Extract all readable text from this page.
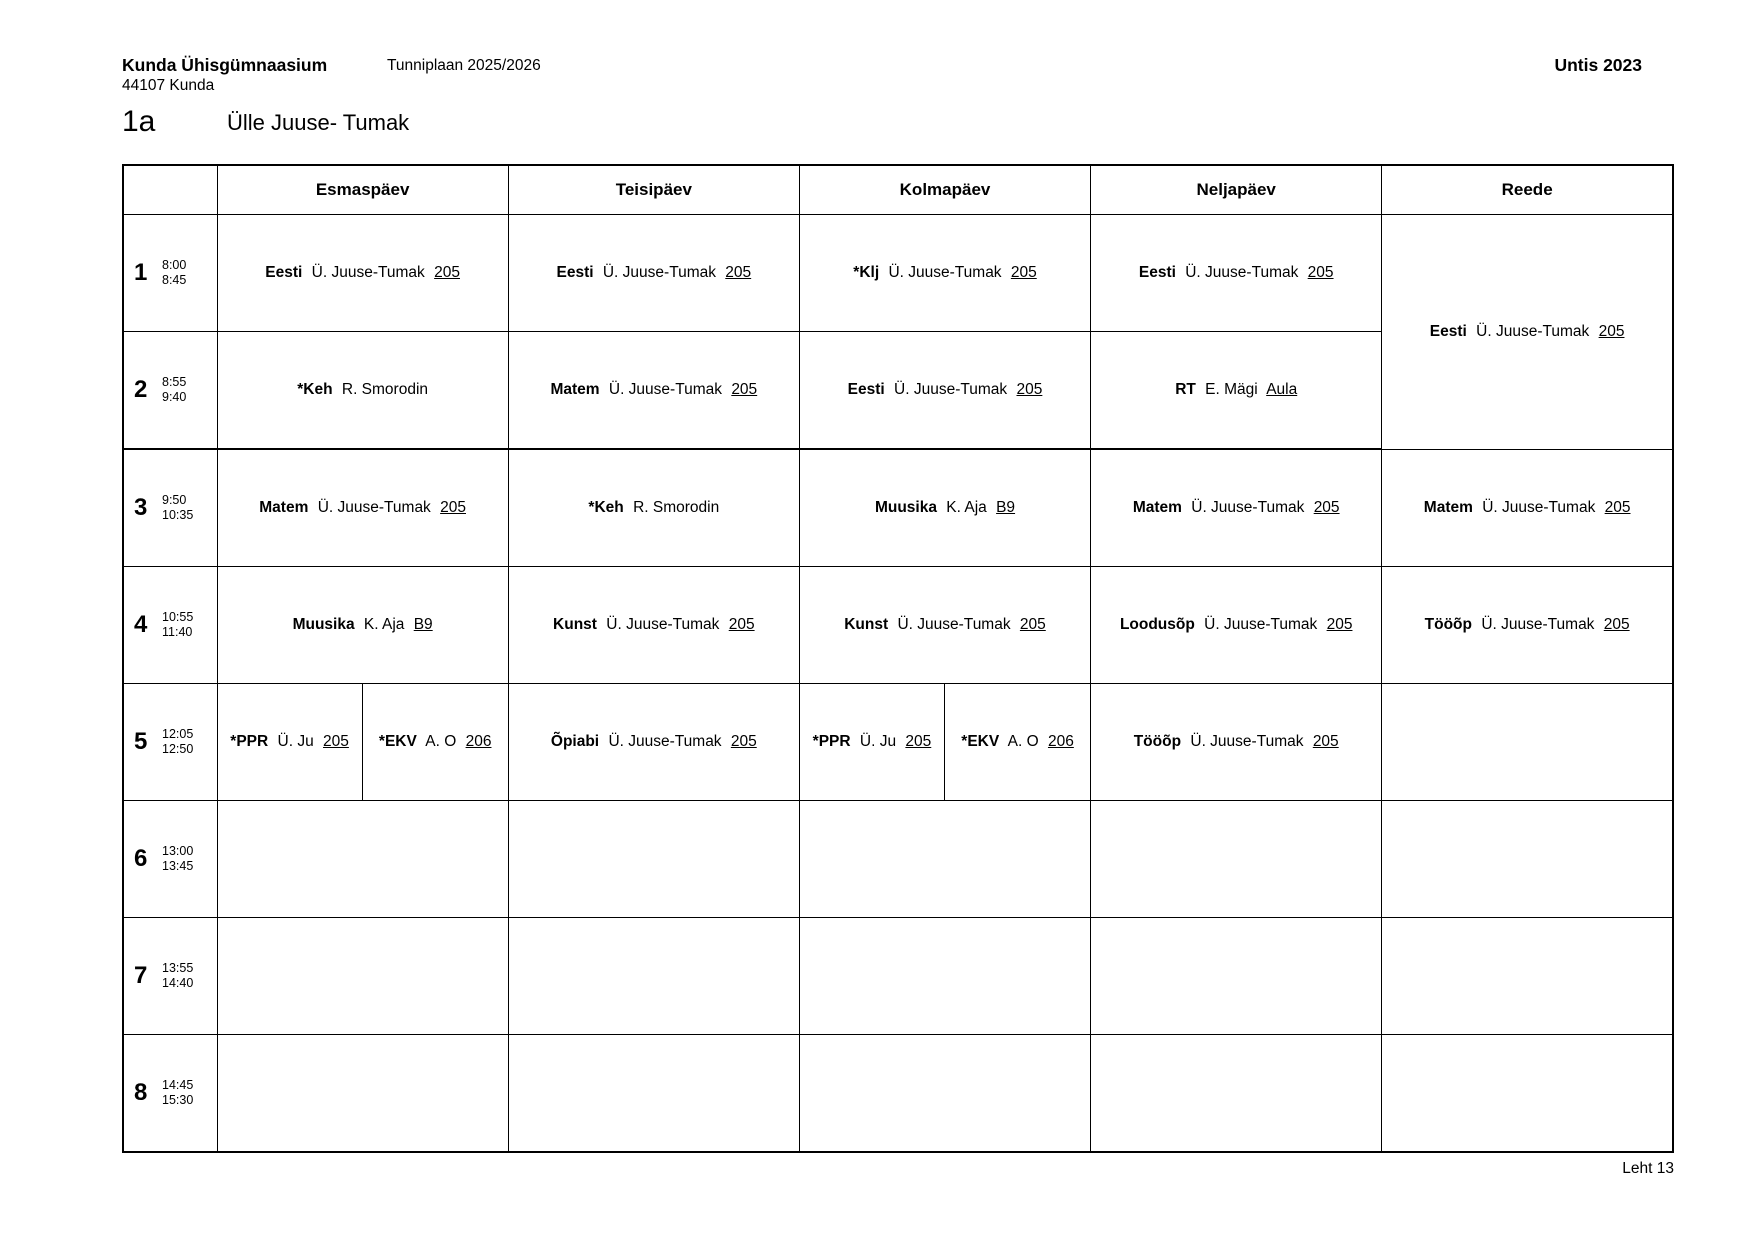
Kunda Ühisgümnaasium
44107 Kunda
Tunniplaan 2025/2026	Untis 2023
1a	Ülle Juuse- Tumak
	Esmaspäev	Teisipäev	Kolmapäev	Neljapäev	Reede

1 8:00
8:45	Eesti Ü. Juuse-Tumak 205	Eesti Ü. Juuse-Tumak 205	*Klj Ü. Juuse-Tumak 205	Eesti Ü. Juuse-Tumak 205	Eesti Ü. Juuse-Tumak 205

2 8:55
9:40	*Keh R. Smorodin	Matem Ü. Juuse-Tumak 205	Eesti Ü. Juuse-Tumak 205	RT E. Mägi Aula	

3 9:50
10:35	Matem Ü. Juuse-Tumak 205	*Keh R. Smorodin	Muusika K. Aja B9	Matem Ü. Juuse-Tumak 205	Matem Ü. Juuse-Tumak 205

4 10:55
11:40	Muusika K. Aja B9	Kunst Ü. Juuse-Tumak 205	Kunst Ü. Juuse-Tumak 205	Loodusõp Ü. Juuse-Tumak 205	Tööõp Ü. Juuse-Tumak 205

5 12:05
12:50	*PPR Ü. Ju 205 *EKV A. O 206	Õpiabi Ü. Juuse-Tumak 205	*PPR Ü. Ju 205 *EKV A. O 206	Tööõp Ü. Juuse-Tumak 205	

6 13:00
13:45					

7 13:55
14:40					

8 14:45
15:30					

Leht 13
